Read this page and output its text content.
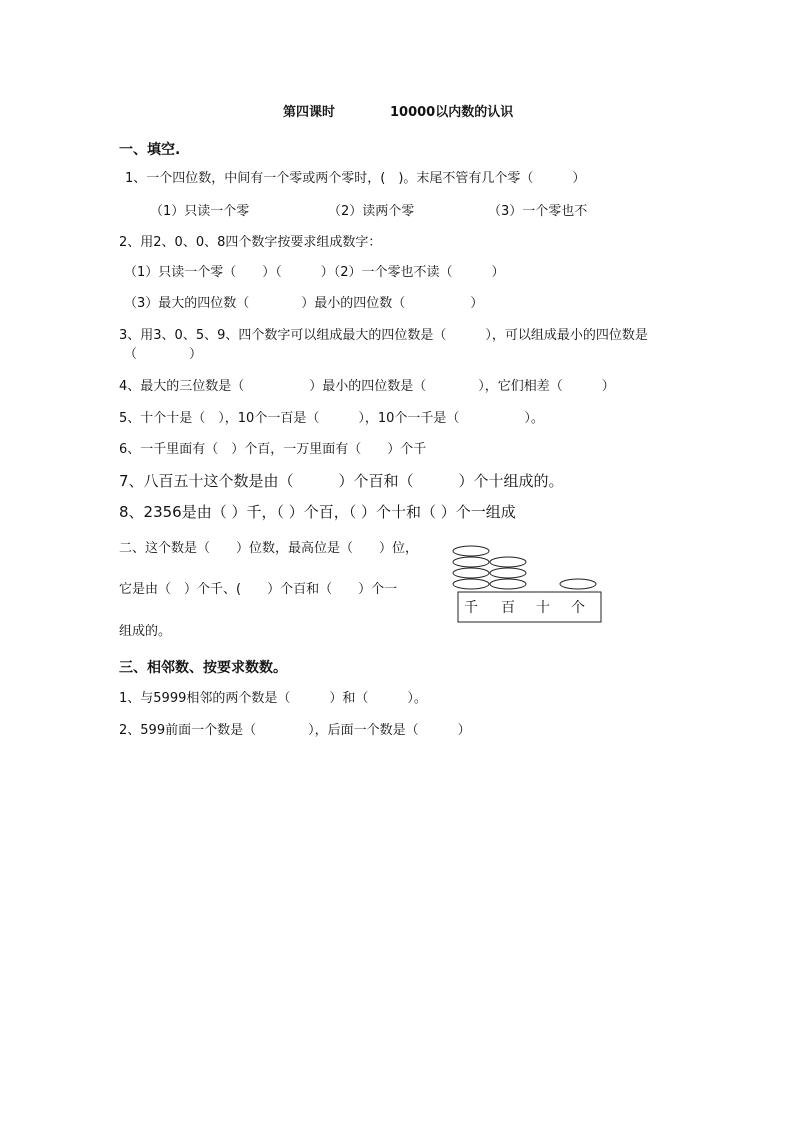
第四课时	10000以内数的认识
一、填空.
1、一个四位数，中间有一个零或两个零时，(　)。末尾不管有几个零（　　　）
（1）只读一个零	（2）读两个零	（3）一个零也不
2、用2、0、0、8四个数字按要求组成数字：
（1）只读一个零（　　）（　　　）（2）一个零也不读（　　　）
（3）最大的四位数（　　　　）最小的四位数（　　　　　）
3、用3、0、5、9、四个数字可以组成最大的四位数是（　　　），可以组成最小的四位数是
（　　　　）
4、最大的三位数是（　　　　　）最小的四位数是（　　　　），它们相差（　　　）
5、十个十是（　），10个一百是（　　　），10个一千是（　　　　　）。
6、一千里面有（　）个百，一万里面有（　　）个千
7、八百五十这个数是由（　　　）个百和（　　　）个十组成的。
8、2356是由（ ）千，（ ）个百，（ ）个十和（ ）个一组成
二、这个数是（　　）位数，最高位是（　　）位，
它是由（　）个千、(　　）个百和（　　）个一
组成的。
千 百 十 个
三、相邻数、按要求数数。
1、与5999相邻的两个数是（　　　）和（　　　）。
2、599前面一个数是（　　　　），后面一个数是（　　　）
